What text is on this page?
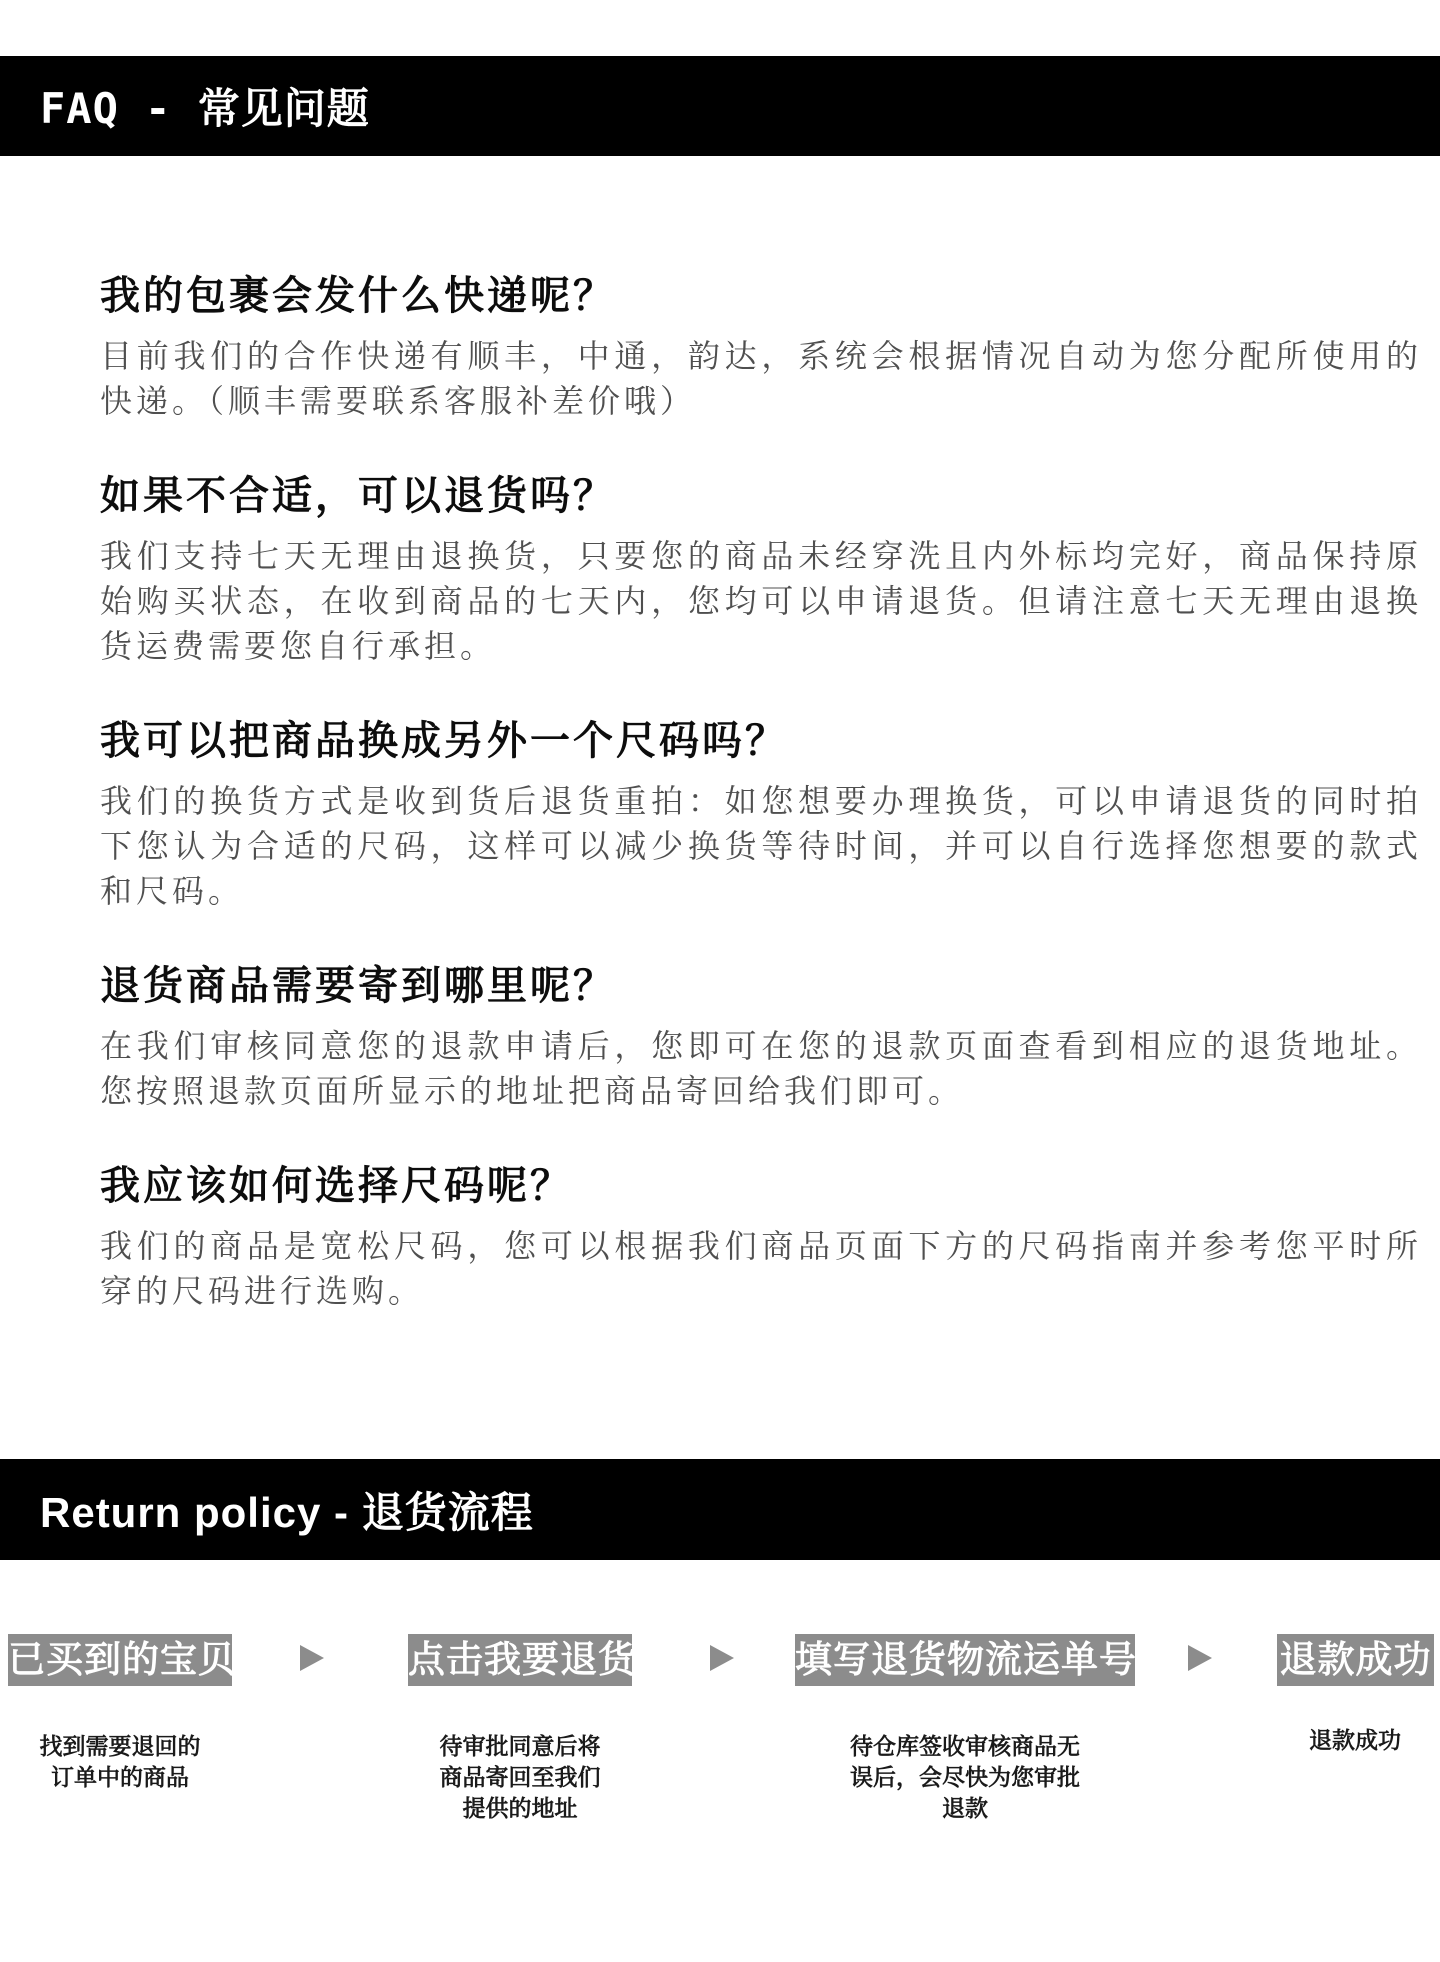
FAQ - 常见问题

我的包裹会发什么快递呢？

目前我们的合作快递有顺丰，中通，韵达，系统会根据情况自动为您分配所使用的快递。（顺丰需要联系客服补差价哦）

如果不合适，可以退货吗？

我们支持七天无理由退换货，只要您的商品未经穿洗且内外标均完好，商品保持原始购买状态，在收到商品的七天内，您均可以申请退货。但请注意七天无理由退换货运费需要您自行承担。

我可以把商品换成另外一个尺码吗？

我们的换货方式是收到货后退货重拍：如您想要办理换货，可以申请退货的同时拍下您认为合适的尺码，这样可以减少换货等待时间，并可以自行选择您想要的款式和尺码。

退货商品需要寄到哪里呢？

在我们审核同意您的退款申请后，您即可在您的退款页面查看到相应的退货地址。您按照退款页面所显示的地址把商品寄回给我们即可。

我应该如何选择尺码呢？

我们的商品是宽松尺码，您可以根据我们商品页面下方的尺码指南并参考您平时所穿的尺码进行选购。

Return policy - 退货流程
已买到的宝贝
找到需要退回的
订单中的商品
点击我要退货
待审批同意后将
商品寄回至我们
提供的地址
填写退货物流运单号
待仓库签收审核商品无
误后，会尽快为您审批
退款
退款成功
退款成功
